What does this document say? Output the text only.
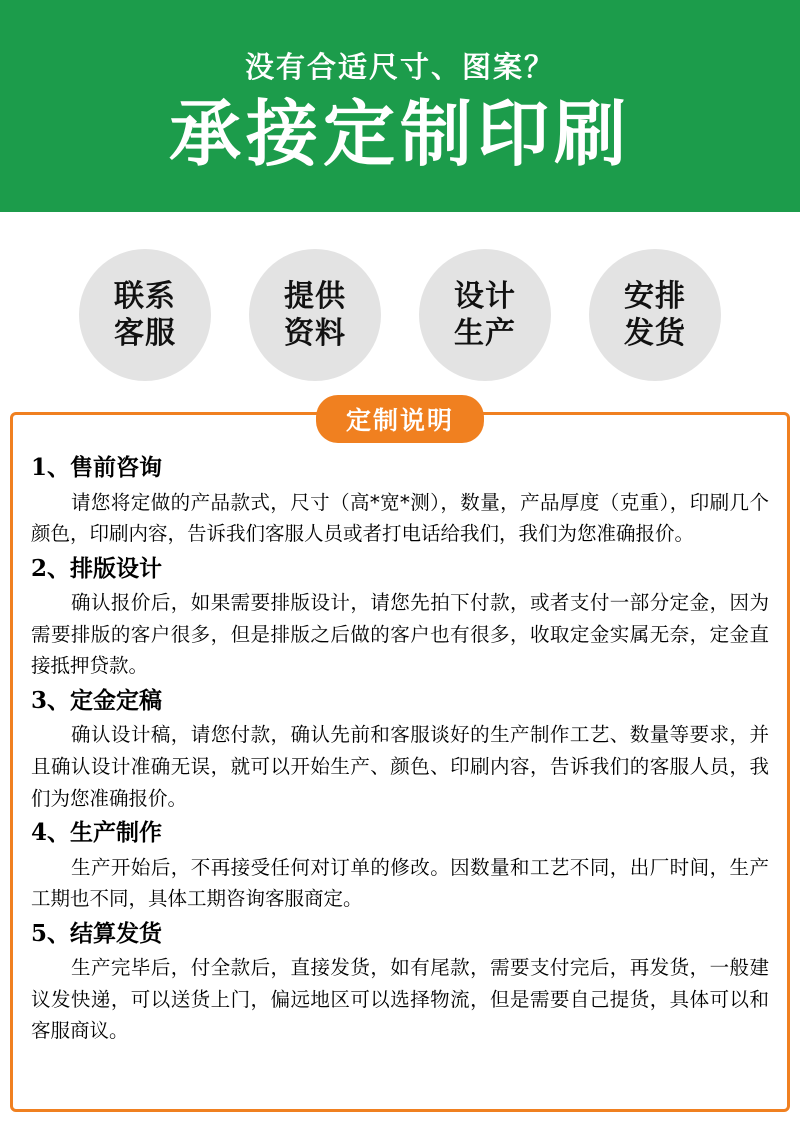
没有合适尺寸、图案？
承接定制印刷
联系
客服
提供
资料
设计
生产
安排
发货
定制说明
1、售前咨询
请您将定做的产品款式，尺寸（高*宽*测），数量，产品厚度（克重），印刷几个颜色，印刷内容，告诉我们客服人员或者打电话给我们，我们为您准确报价。
2、排版设计
确认报价后，如果需要排版设计，请您先拍下付款，或者支付一部分定金，因为需要排版的客户很多，但是排版之后做的客户也有很多，收取定金实属无奈，定金直接抵押贷款。
3、定金定稿
确认设计稿，请您付款，确认先前和客服谈好的生产制作工艺、数量等要求，并且确认设计准确无误，就可以开始生产、颜色、印刷内容，告诉我们的客服人员，我们为您准确报价。
4、生产制作
生产开始后，不再接受任何对订单的修改。因数量和工艺不同，出厂时间，生产工期也不同，具体工期咨询客服商定。
5、结算发货
生产完毕后，付全款后，直接发货，如有尾款，需要支付完后，再发货，一般建议发快递，可以送货上门，偏远地区可以选择物流，但是需要自己提货，具体可以和客服商议。
